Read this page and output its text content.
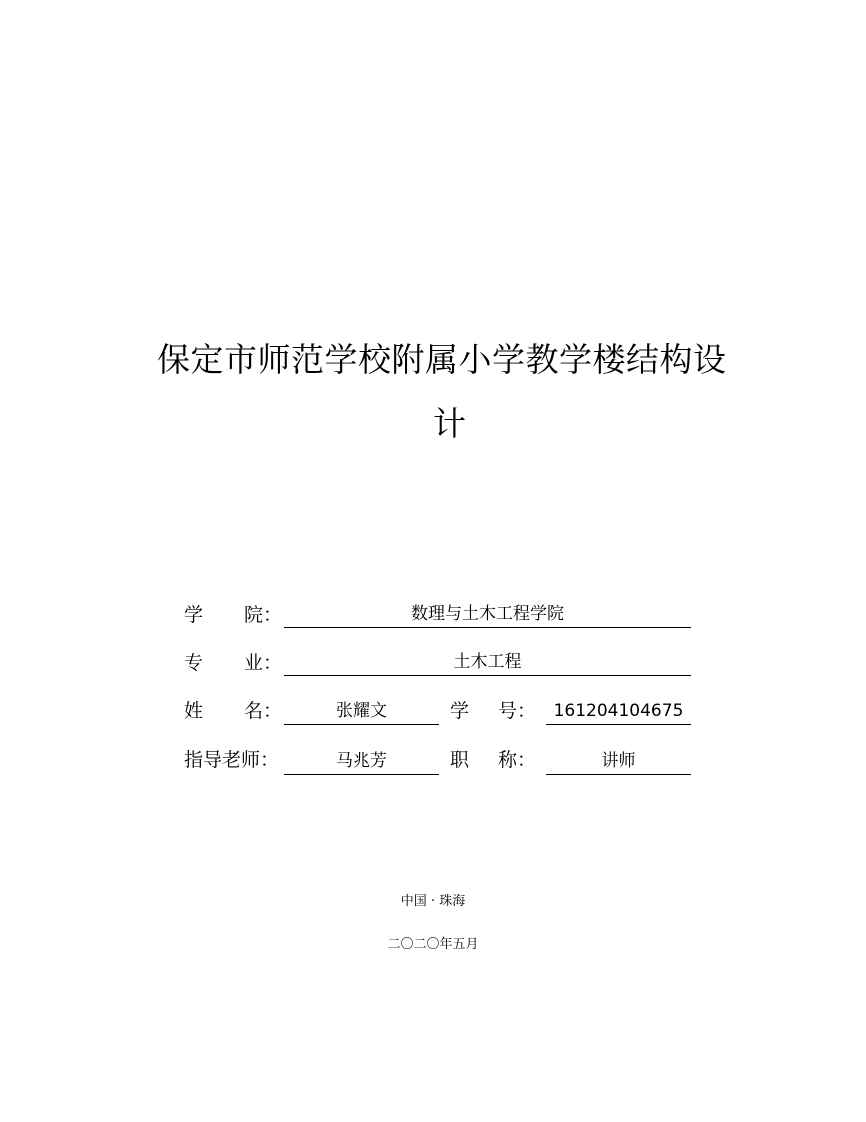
保定市师范学校附属小学教学楼结构设
计
学 院：	数理与土木工程学院
专 业：	土木工程
姓 名：	张耀文	学 号：	161204104675
指导老师：	马兆芳	职 称：	讲师
中国 · 珠海
二〇二〇年五月
